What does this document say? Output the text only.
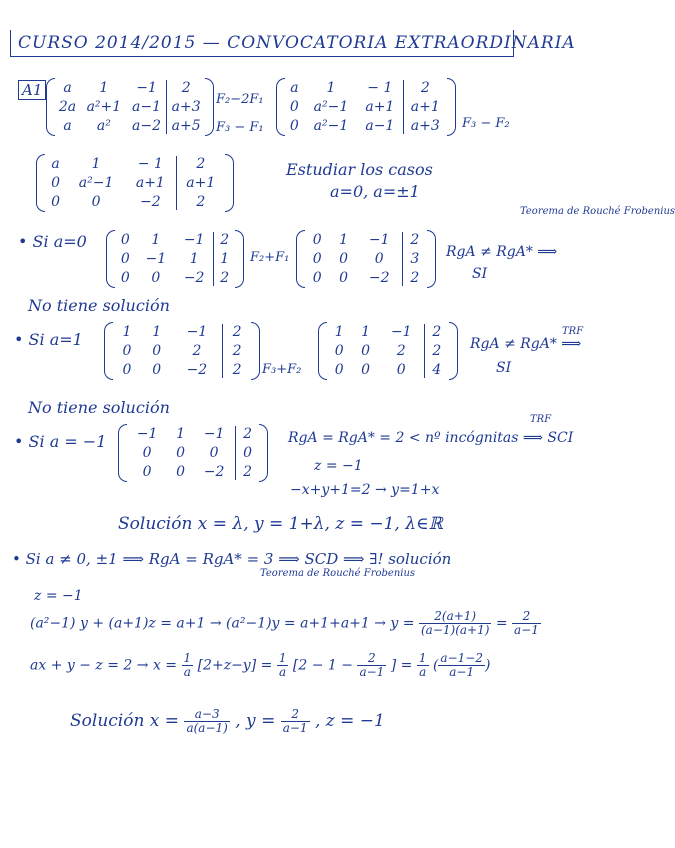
CURSO 2014/2015 — CONVOCATORIA EXTRAORDINARIA
A1 a	1	−1	2
2a	a²+1	a−1	a+3
a	a²	a−2	a+5
F₂−2F₁
F₃ − F₁
a	1	− 1	2
0	a²−1	a+1	a+1
0	a²−1	a−1	a+3 F₃ − F₂
a	1	− 1	2
0	a²−1	a+1	a+1
0	0	−2	2
Estudiar los casos
a=0, a=±1
Teorema de Rouché Frobenius
• Si a=0 0	1	−1	2
0	−1	1	1
0	0	−2	2
F₂+F₁
0	1	−1	2
0	0	0	3
0	0	−2	2
RgA ≠ RgA* ⟹
SI
No tiene solución
• Si a=1	1	1	−1	2
0	0	2	2
0	0	−2	2 F₃+F₂
1	1	−1	2
0	0	2	2
0	0	0	4
TRF
RgA ≠ RgA* ⟹
SI
No tiene solución
• Si a = −1 −1	1	−1	2
0	0	0	0
0	0	−2	2
TRF
RgA = RgA* = 2 < nº incógnitas ⟹ SCI
z = −1
−x+y+1=2 → y=1+x
Solución x = λ, y = 1+λ, z = −1, λ∈ℝ
• Si a ≠ 0, ±1 ⟹ RgA = RgA* = 3 ⟹ SCD ⟹ ∃! solución
Teorema de Rouché Frobenius
z = −1
(a²−1) $y + (a+1)z = a+1 \to (a^2-1)y = a+1+a+1 \to y = \frac{2(a+1)}{(a-1)(a+1)} = \frac{2}{a-1}$
ax + $y - z = 2 \to x = \frac{1}{a} [2+z-y] = \frac{1}{a} [2 - 1 - \frac{2}{a-1}$ ] = $\frac{1}{a}$ ( $\frac{a-1-2}{a-1}$ )
Solución $x = \frac{a-3}{a(a-1)}$ , $y = \frac{2}{a-1}$ , z = −1
